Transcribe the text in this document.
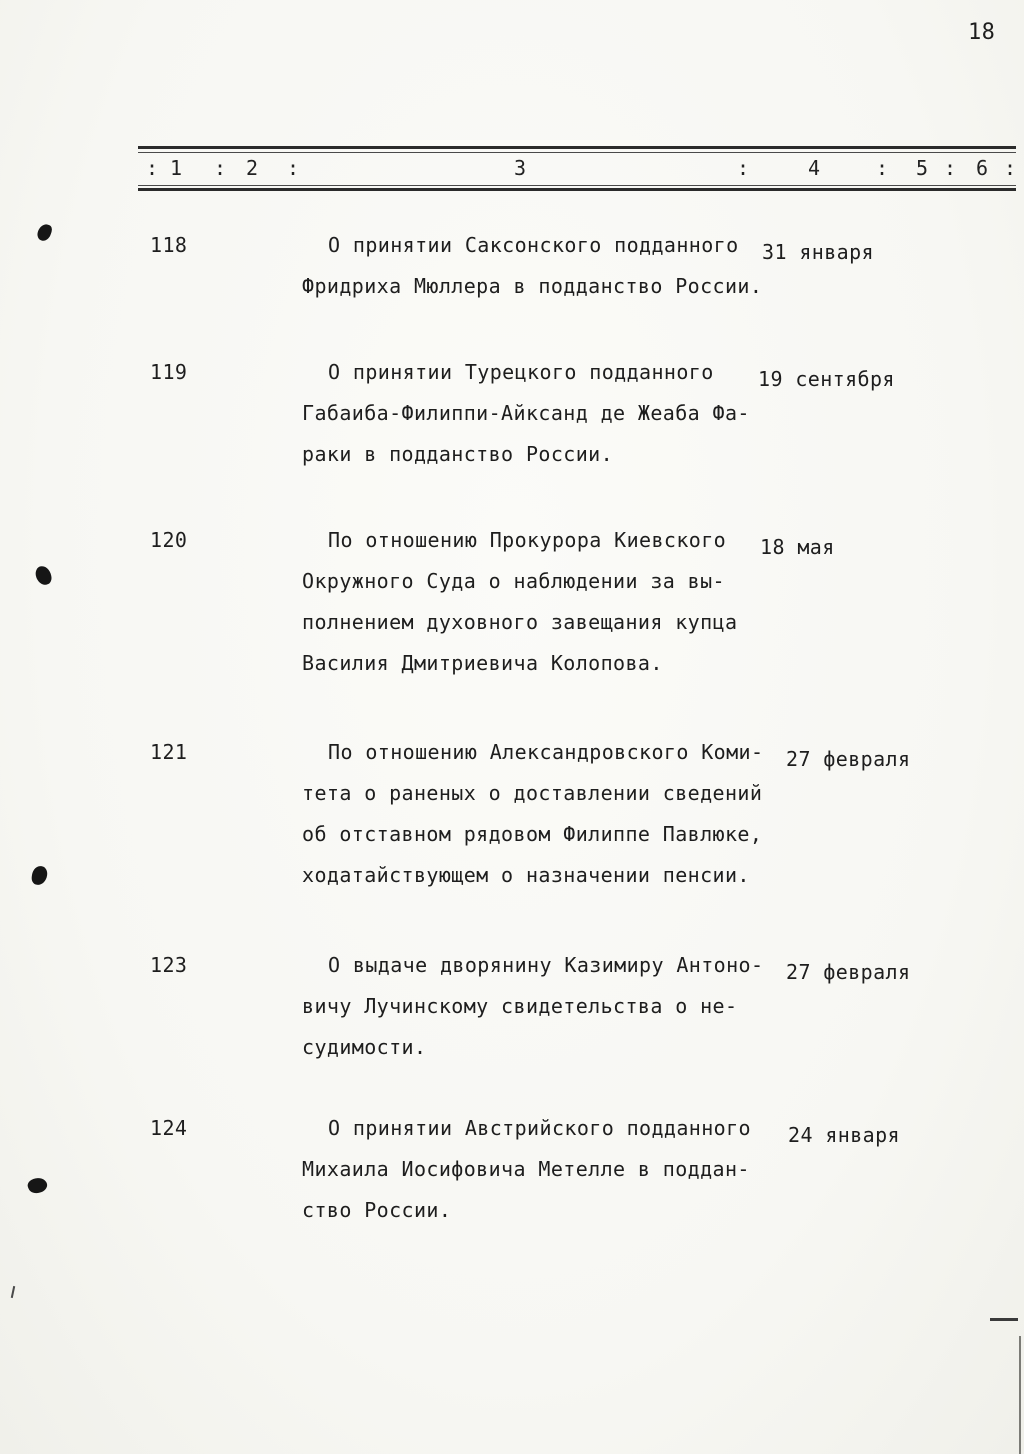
18
: 1 : 2 :	3	:	4	: 5 : 6 :
118	О принятии Саксонского подданного
Фридриха Мюллера в подданство России.
31 января
119	О принятии Турецкого подданного
Габаиба-Филиппи-Айксанд де Жеаба Фа-
раки в подданство России.
19 сентября
120	По отношению Прокурора Киевского
Окружного Суда о наблюдении за вы-
полнением духовного завещания купца
Василия Дмитриевича Колопова.
18 мая
121	По отношению Александровского Коми-
тета о раненых о доставлении сведений
об отставном рядовом Филиппе Павлюке,
ходатайствующем о назначении пенсии.
27 февраля
123	О выдаче дворянину Казимиру Антоно-
вичу Лучинскому свидетельства о не-
судимости.
27 февраля
124	О принятии Австрийского подданного
Михаила Иосифовича Метелле в поддан-
ство России.
24 января
